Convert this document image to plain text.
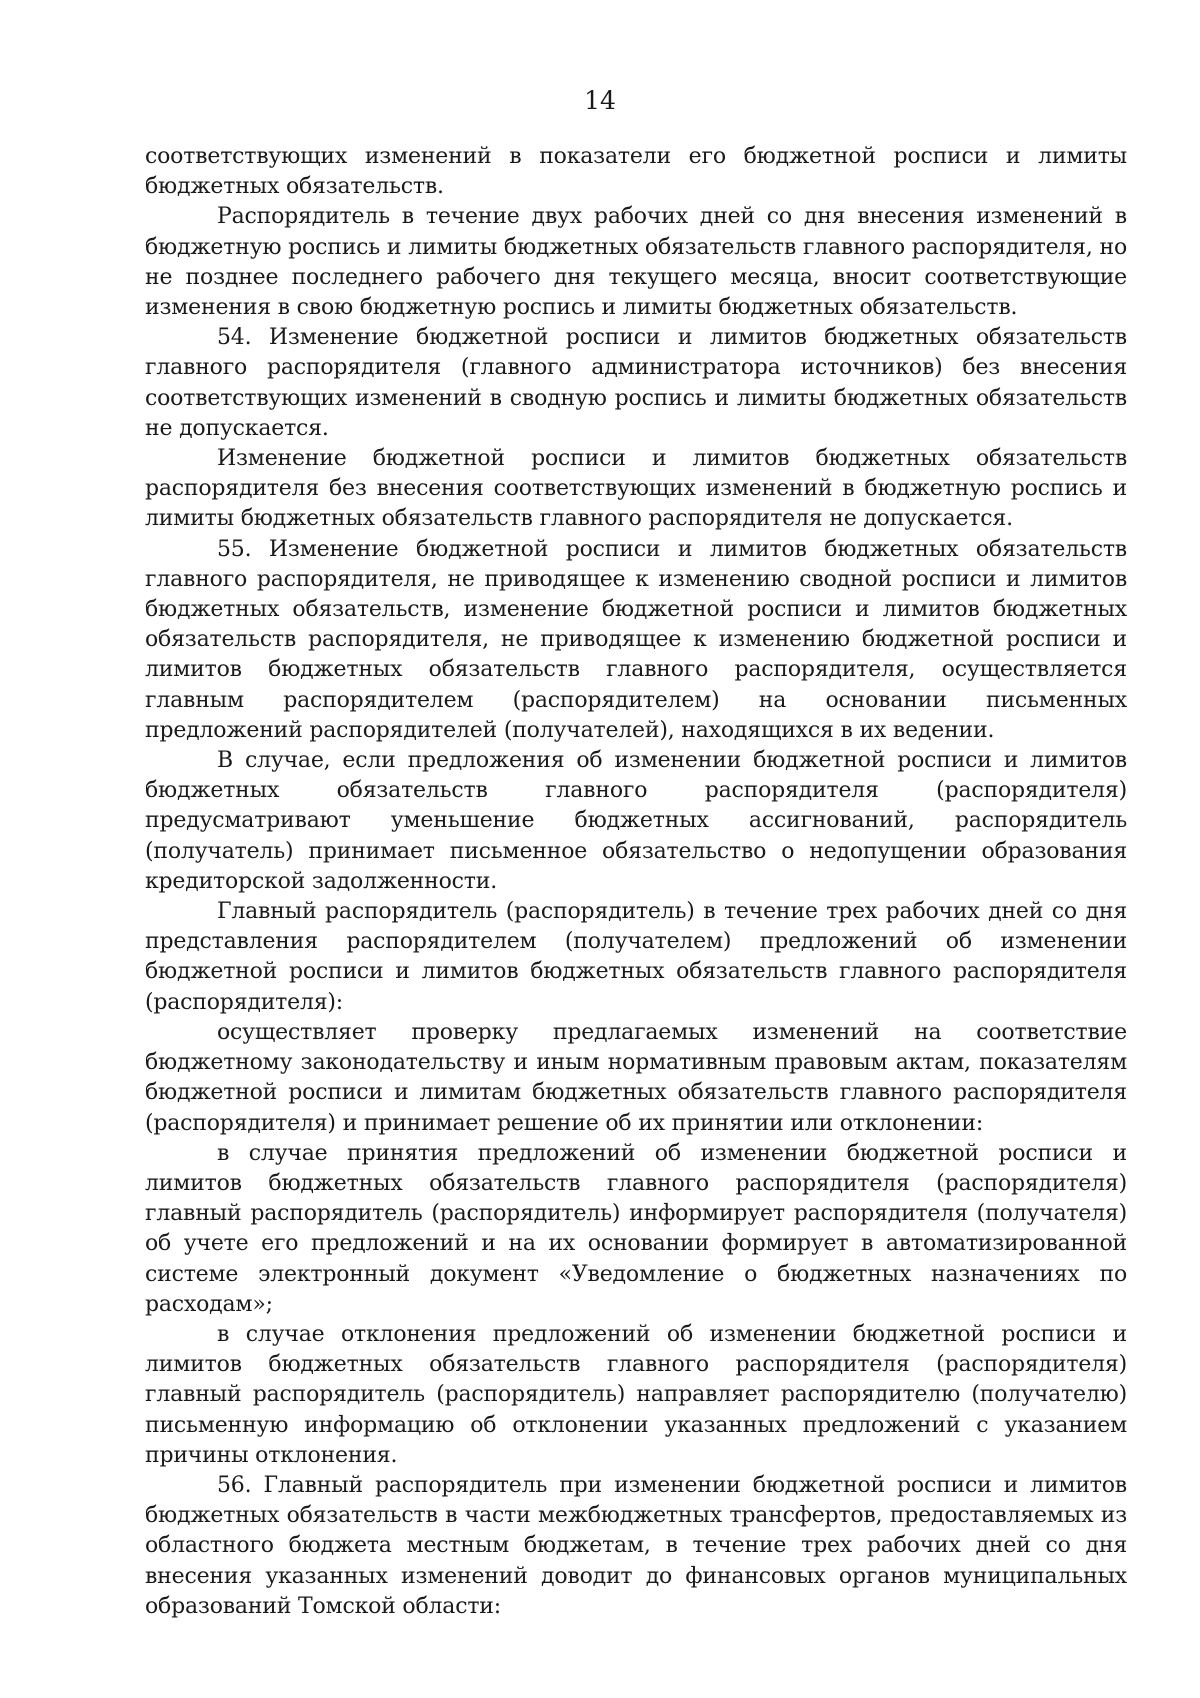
14

соответствующих изменений в показатели его бюджетной росписи и лимиты бюджетных обязательств.

Распорядитель в течение двух рабочих дней со дня внесения изменений в бюджетную роспись и лимиты бюджетных обязательств главного распорядителя, но не позднее последнего рабочего дня текущего месяца, вносит соответствующие изменения в свою бюджетную роспись и лимиты бюджетных обязательств.

54. Изменение бюджетной росписи и лимитов бюджетных обязательств главного распорядителя (главного администратора источников) без внесения соответствующих изменений в сводную роспись и лимиты бюджетных обязательств не допускается.

Изменение бюджетной росписи и лимитов бюджетных обязательств распорядителя без внесения соответствующих изменений в бюджетную роспись и лимиты бюджетных обязательств главного распорядителя не допускается.

55. Изменение бюджетной росписи и лимитов бюджетных обязательств главного распорядителя, не приводящее к изменению сводной росписи и лимитов бюджетных обязательств, изменение бюджетной росписи и лимитов бюджетных обязательств распорядителя, не приводящее к изменению бюджетной росписи и лимитов бюджетных обязательств главного распорядителя, осуществляется главным распорядителем (распорядителем) на основании письменных предложений распорядителей (получателей), находящихся в их ведении.

В случае, если предложения об изменении бюджетной росписи и лимитов бюджетных обязательств главного распорядителя (распорядителя) предусматривают уменьшение бюджетных ассигнований, распорядитель (получатель) принимает письменное обязательство о недопущении образования кредиторской задолженности.

Главный распорядитель (распорядитель) в течение трех рабочих дней со дня представления распорядителем (получателем) предложений об изменении бюджетной росписи и лимитов бюджетных обязательств главного распорядителя (распорядителя):

осуществляет проверку предлагаемых изменений на соответствие бюджетному законодательству и иным нормативным правовым актам, показателям бюджетной росписи и лимитам бюджетных обязательств главного распорядителя (распорядителя) и принимает решение об их принятии или отклонении:

в случае принятия предложений об изменении бюджетной росписи и лимитов бюджетных обязательств главного распорядителя (распорядителя) главный распорядитель (распорядитель) информирует распорядителя (получателя) об учете его предложений и на их основании формирует в автоматизированной системе электронный документ «Уведомление о бюджетных назначениях по расходам»;

в случае отклонения предложений об изменении бюджетной росписи и лимитов бюджетных обязательств главного распорядителя (распорядителя) главный распорядитель (распорядитель) направляет распорядителю (получателю) письменную информацию об отклонении указанных предложений с указанием причины отклонения.

56. Главный распорядитель при изменении бюджетной росписи и лимитов бюджетных обязательств в части межбюджетных трансфертов, предоставляемых из областного бюджета местным бюджетам, в течение трех рабочих дней со дня внесения указанных изменений доводит до финансовых органов муниципальных образований Томской области:
